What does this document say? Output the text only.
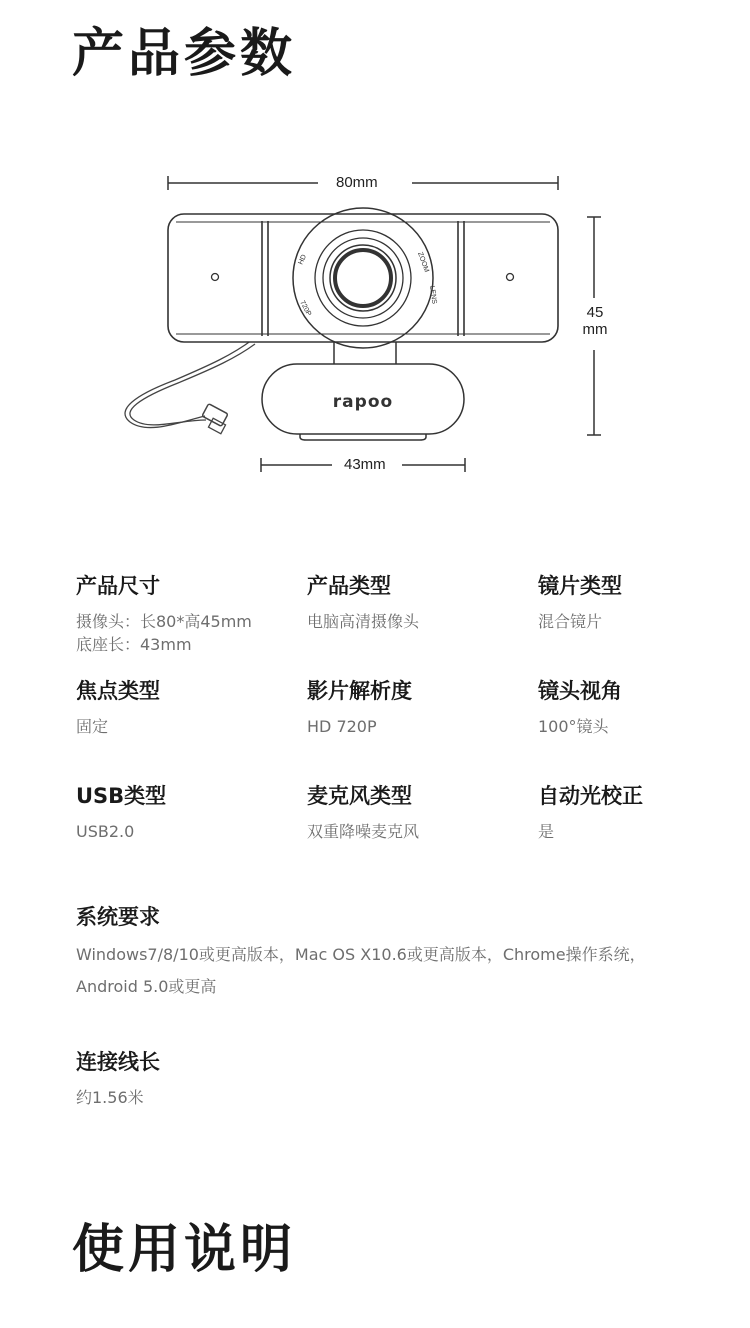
产品参数
HD
720P
ZOOM
LENS
rapoo
80mm
45
mm
43mm

产品尺寸

摄像头：长80*高45mm
底座长：43mm

产品类型

电脑高清摄像头

镜片类型

混合镜片

焦点类型

固定

影片解析度

HD 720P

镜头视角

100°镜头

USB类型

USB2.0

麦克风类型

双重降噪麦克风

自动光校正

是

系统要求

Windows7/8/10或更高版本，Mac OS X10.6或更高版本，Chrome操作系统，Android 5.0或更高

连接线长

约1.56米
使用说明
